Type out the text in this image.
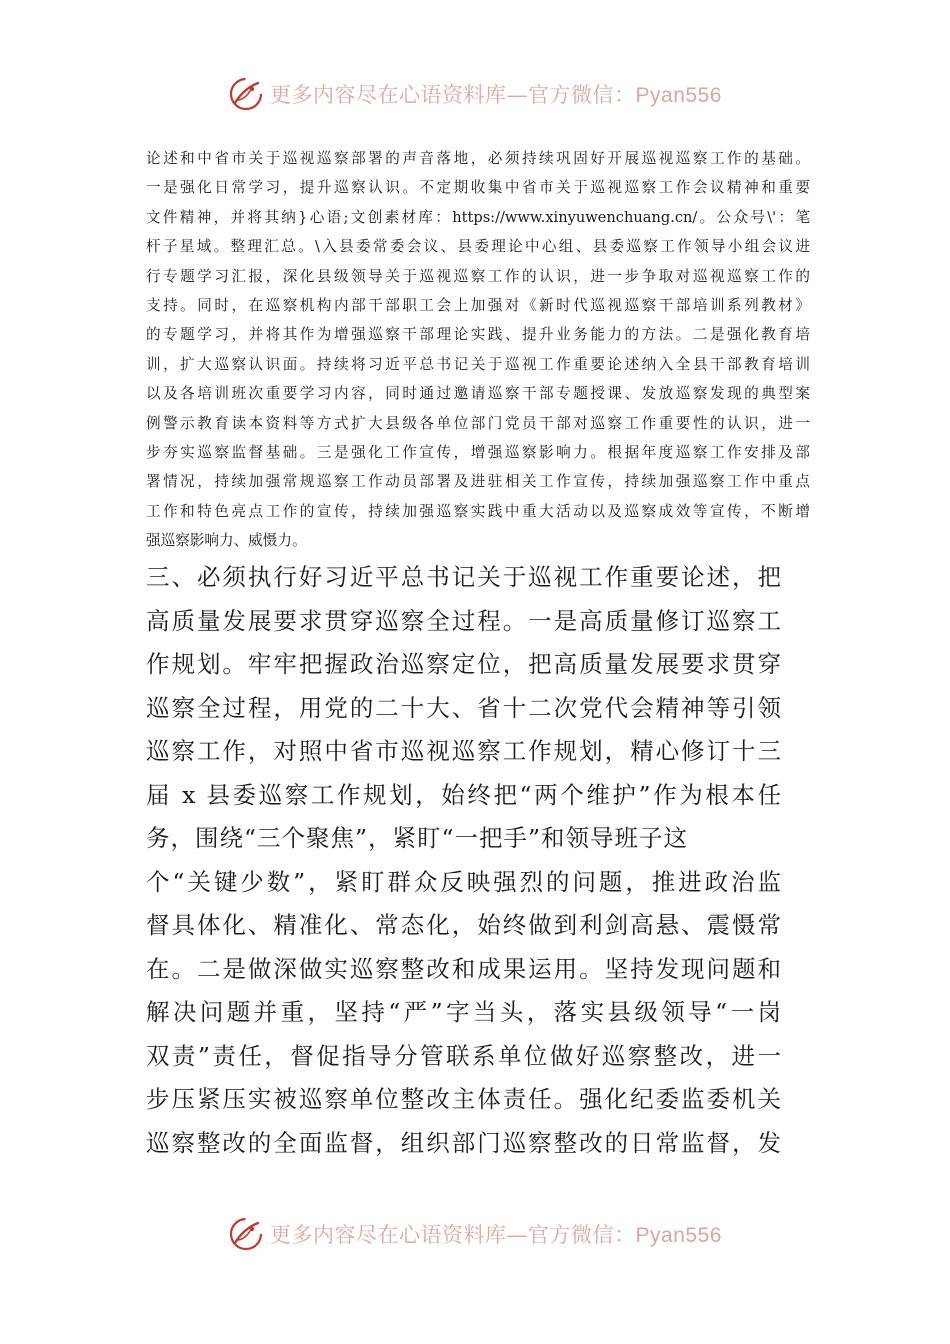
更多内容尽在心语资料库—官方微信：Pyan556
论述和中省市关于巡视巡察部署的声音落地，必须持续巩固好开展巡视巡察工作的基础。
一是强化日常学习，提升巡察认识。不定期收集中省市关于巡视巡察工作会议精神和重要
文件精神，并将其纳}心语;文创素材库：https://www.xinyuwenchuang.cn/。公众号\'：笔
杆子星域。整理汇总。\入县委常委会议、县委理论中心组、县委巡察工作领导小组会议进
行专题学习汇报，深化县级领导关于巡视巡察工作的认识，进一步争取对巡视巡察工作的
支持。同时，在巡察机构内部干部职工会上加强对《新时代巡视巡察干部培训系列教材》
的专题学习，并将其作为增强巡察干部理论实践、提升业务能力的方法。二是强化教育培
训，扩大巡察认识面。持续将习近平总书记关于巡视工作重要论述纳入全县干部教育培训
以及各培训班次重要学习内容，同时通过邀请巡察干部专题授课、发放巡察发现的典型案
例警示教育读本资料等方式扩大县级各单位部门党员干部对巡察工作重要性的认识，进一
步夯实巡察监督基础。三是强化工作宣传，增强巡察影响力。根据年度巡察工作安排及部
署情况，持续加强常规巡察工作动员部署及进驻相关工作宣传，持续加强巡察工作中重点
工作和特色亮点工作的宣传，持续加强巡察实践中重大活动以及巡察成效等宣传，不断增
强巡察影响力、威慑力。
三、必须执行好习近平总书记关于巡视工作重要论述，把
高质量发展要求贯穿巡察全过程。一是高质量修订巡察工
作规划。牢牢把握政治巡察定位，把高质量发展要求贯穿
巡察全过程，用党的二十大、省十二次党代会精神等引领
巡察工作，对照中省市巡视巡察工作规划，精心修订十三
届 x 县委巡察工作规划，始终把“两个维护”作为根本任
务，围绕“三个聚焦”，紧盯“一把手”和领导班子这
个“关键少数”，紧盯群众反映强烈的问题，推进政治监
督具体化、精准化、常态化，始终做到利剑高悬、震慑常
在。二是做深做实巡察整改和成果运用。坚持发现问题和
解决问题并重，坚持“严”字当头，落实县级领导“一岗
双责”责任，督促指导分管联系单位做好巡察整改，进一
步压紧压实被巡察单位整改主体责任。强化纪委监委机关
巡察整改的全面监督，组织部门巡察整改的日常监督，发
更多内容尽在心语资料库—官方微信：Pyan556
